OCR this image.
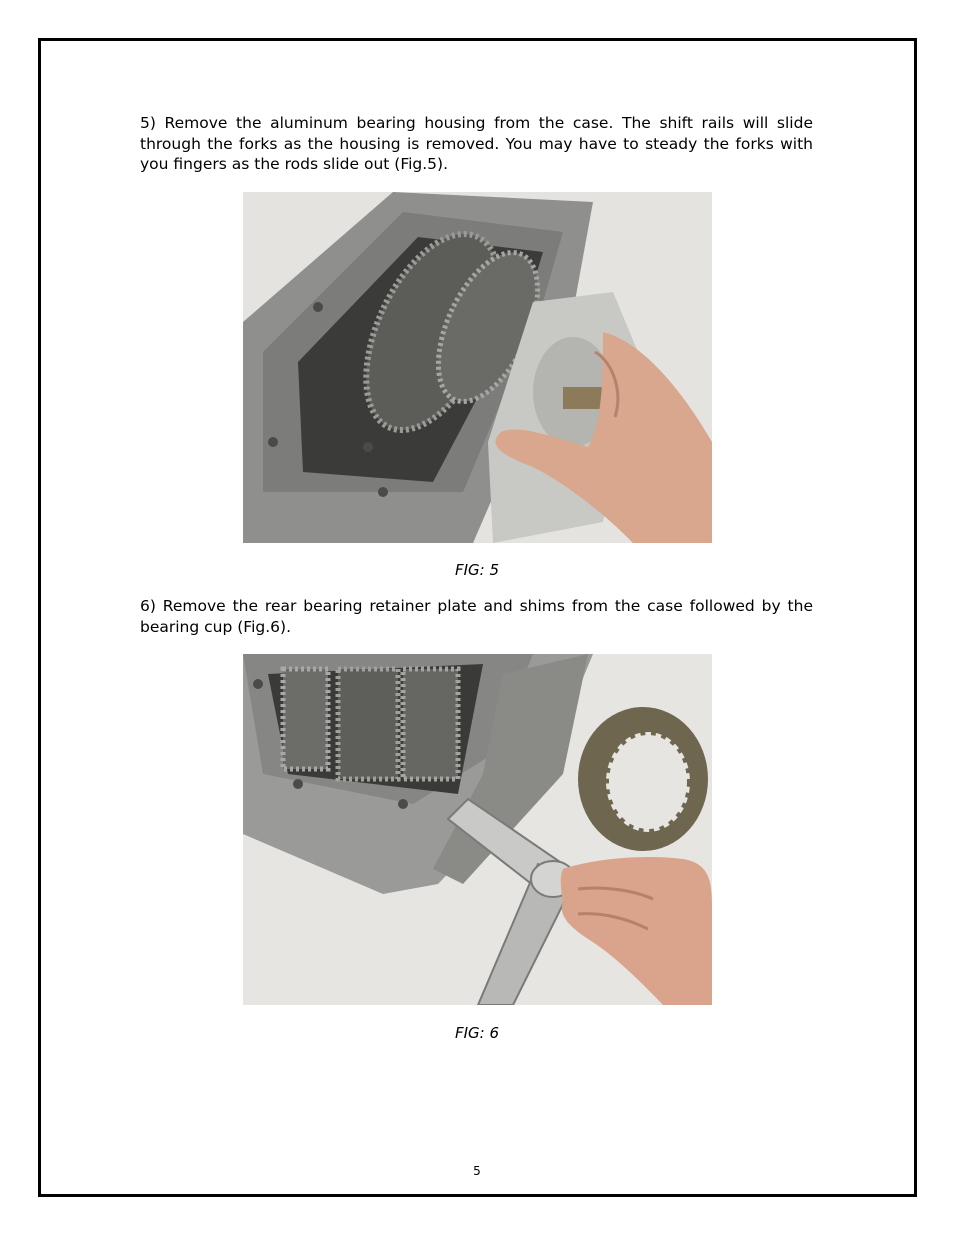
5) Remove the aluminum bearing housing from the case. The shift rails will slide through the forks as the housing is removed. You may have to steady the forks with you fingers as the rods slide out (Fig.5).

FIG: 5

6) Remove the rear bearing retainer plate and shims from the case followed by the bearing cup (Fig.6).

FIG: 6
5
